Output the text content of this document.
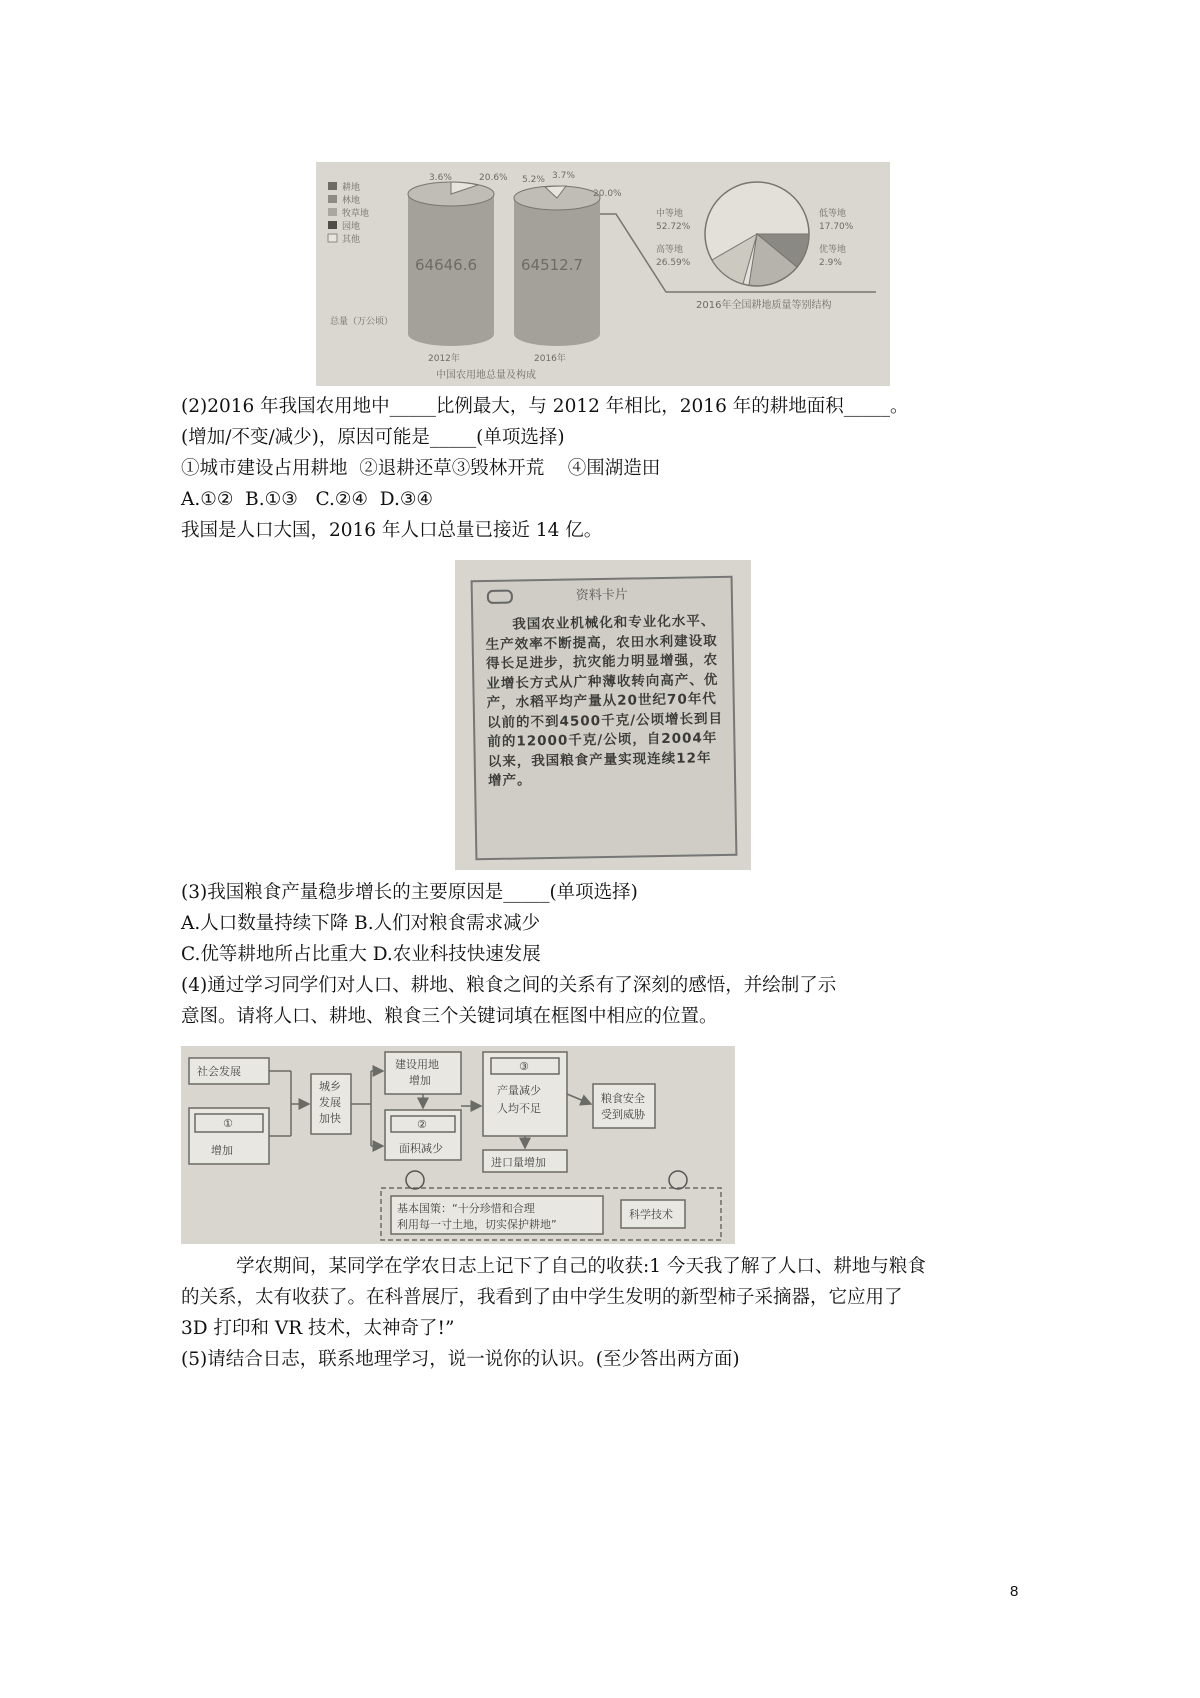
耕地
林地
牧草地
园地
其他
3.6%	20.6%
64646.6
2012年
5.2% 3.7%
20.0%
64512.7
2016年
总量（万公顷）
中国农用地总量及构成
中等地
52.72%
高等地
26.59%
低等地
17.70%
优等地
2.9%
2016年全国耕地质量等别结构
(2)2016 年我国农用地中_____比例最大，与 2012 年相比，2016 年的耕地面积_____。
(增加/不变/减少)，原因可能是_____(单项选择)
①城市建设占用耕地  ②退耕还草③毁林开荒    ④围湖造田
A.①②  B.①③   C.②④  D.③④
我国是人口大国，2016 年人口总量已接近 14 亿。
资料卡片
我国农业机械化和专业化水平、生产效率不断提高，农田水利建设取得长足进步，抗灾能力明显增强，农业增长方式从广种薄收转向高产、优产，水稻平均产量从20世纪70年代以前的不到4500千克/公顷增长到目前的12000千克/公顷，自2004年以来，我国粮食产量实现连续12年增产。
(3)我国粮食产量稳步增长的主要原因是_____(单项选择)
A.人口数量持续下降 B.人们对粮食需求减少
C.优等耕地所占比重大 D.农业科技快速发展
(4)通过学习同学们对人口、耕地、粮食之间的关系有了深刻的感悟，并绘制了示
意图。请将人口、耕地、粮食三个关键词填在框图中相应的位置。
社会发展
①
增加
城乡
发展
加快
建设用地
增加
②
面积减少
③
产量减少
人均不足
进口量增加
粮食安全
受到威胁
基本国策：“十分珍惜和合理
利用每一寸土地，切实保护耕地”
科学技术
学农期间，某同学在学农日志上记下了自己的收获:1 今天我了解了人口、耕地与粮食
的关系，太有收获了。在科普展厅，我看到了由中学生发明的新型柿子采摘器，它应用了
3D 打印和 VR 技术，太神奇了!”
(5)请结合日志，联系地理学习，说一说你的认识。(至少答出两方面)
8
